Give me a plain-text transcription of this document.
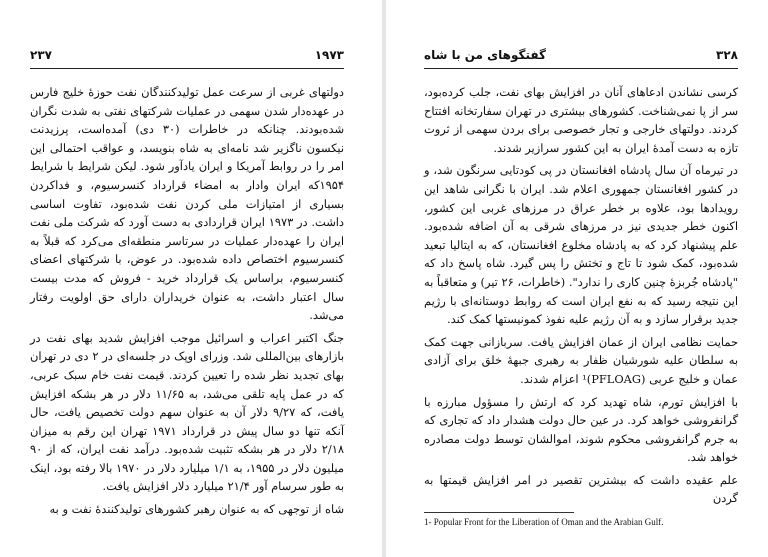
۲۳۷	۱۹۷۳

دولتهای غربی از سرعت عمل تولیدکنندگان نفت حوزهٔ خلیج فارس در عهده‌دار شدن سهمی در عملیات شرکتهای نفتی به شدت نگران شده‌بودند. چنانکه در خاطرات (۳۰ دی) آمده‌است، پرزیدنت نیکسون ناگزیر شد نامه‌ای به شاه بنویسد، و عواقب احتمالی این امر را در روابط آمریکا و ایران یادآور شود. لیکن شرایط با شرایط ۱۹۵۴که ایران وادار به امضاء قرارداد کنسرسیوم، و فداکردن بسیاری از امتیازات ملی کردن نفت شده‌بود، تفاوت اساسی داشت. در ۱۹۷۳ ایران قراردادی به دست آورد که شرکت ملی نفت ایران را عهده‌دار عملیات در سرتاسر منطقه‌ای می‌کرد که قبلاً به کنسرسیوم اختصاص داده شده‌بود. در عوض، با شرکتهای اعضای کنسرسیوم، براساس یک قرارداد خرید - فروش که مدت بیست سال اعتبار داشت، به عنوان خریداران دارای حق اولویت رفتار می‌شد.

جنگ اکتبر اعراب و اسرائیل موجب افزایش شدید بهای نفت در بازارهای بین‌المللی شد. وزرای اوپک در جلسه‌ای در ۲ دی در تهران بهای تجدید نظر شده را تعیین کردند. قیمت نفت خام سبک عربی، که در عمل پایه تلقی می‌شد، به ۱۱/۶۵ دلار در هر بشکه افزایش یافت، که ۹/۲۷ دلار آن به عنوان سهم دولت تخصیص یافت، حال آنکه تنها دو سال پیش در قرارداد ۱۹۷۱ تهران این رقم به میزان ۲/۱۸ دلار در هر بشکه تثبیت شده‌بود. درآمد نفت ایران، که از ۹۰ میلیون دلار در ۱۹۵۵، به ۱/۱ میلیارد دلار در ۱۹۷۰ بالا رفته بود، اینک به طور سرسام آور ۲۱/۴ میلیارد دلار افزایش یافت.

شاه از توجهی که به عنوان رهبر کشورهای تولیدکنندهٔ نفت و به

۳۲۸
گفتگوهای من با شاه

کرسی نشاندن ادعاهای آنان در افزایش بهای نفت، جلب کرده‌بود، سر از پا نمی‌شناخت. کشورهای بیشتری در تهران سفارتخانه افتتاح کردند. دولتهای خارجی و تجار خصوصی برای بردن سهمی از ثروت تازه به دست آمدهٔ ایران به این کشور سرازیر شدند.

در تیرماه آن سال پادشاه افغانستان در پی کودتایی سرنگون شد، و در کشور افغانستان جمهوری اعلام شد. ایران با نگرانی شاهد این رویدادها بود، علاوه بر خطر عراق در مرزهای غربی این کشور، اکنون خطر جدیدی نیز در مرزهای شرقی به آن اضافه شده‌بود. علم پیشنهاد کرد که به پادشاه مخلوع افغانستان، که به ایتالیا تبعید شده‌بود، کمک شود تا تاج و تختش را پس گیرد. شاه پاسخ داد که "پادشاه جُربزهٔ چنین کاری را ندارد". (خاطرات، ۲۶ تیر) و متعاقباً به این نتیجه رسید که به نفع ایران است که روابط دوستانه‌ای با رژیم جدید برقرار سازد و به آن رژیم علیه نفوذ کمونیستها کمک کند.

حمایت نظامی ایران از عمان افزایش یافت. سربازانی جهت کمک به سلطان علیه شورشیان ظفار به رهبری جبههٔ خلق برای آزادی عمان و خلیج عربی (PFLOAG)¹ اعزام شدند.

با افزایش تورم، شاه تهدید کرد که ارتش را مسؤول مبارزه با گرانفروشی خواهد کرد. در عین حال دولت هشدار داد که تجاری که به جرم گرانفروشی محکوم شوند، اموالشان توسط دولت مصادره خواهد شد.

علم عقیده داشت که بیشترین تقصیر در امر افزایش قیمتها به گردن

1- Popular Front for the Liberation of Oman and the Arabian Gulf.
